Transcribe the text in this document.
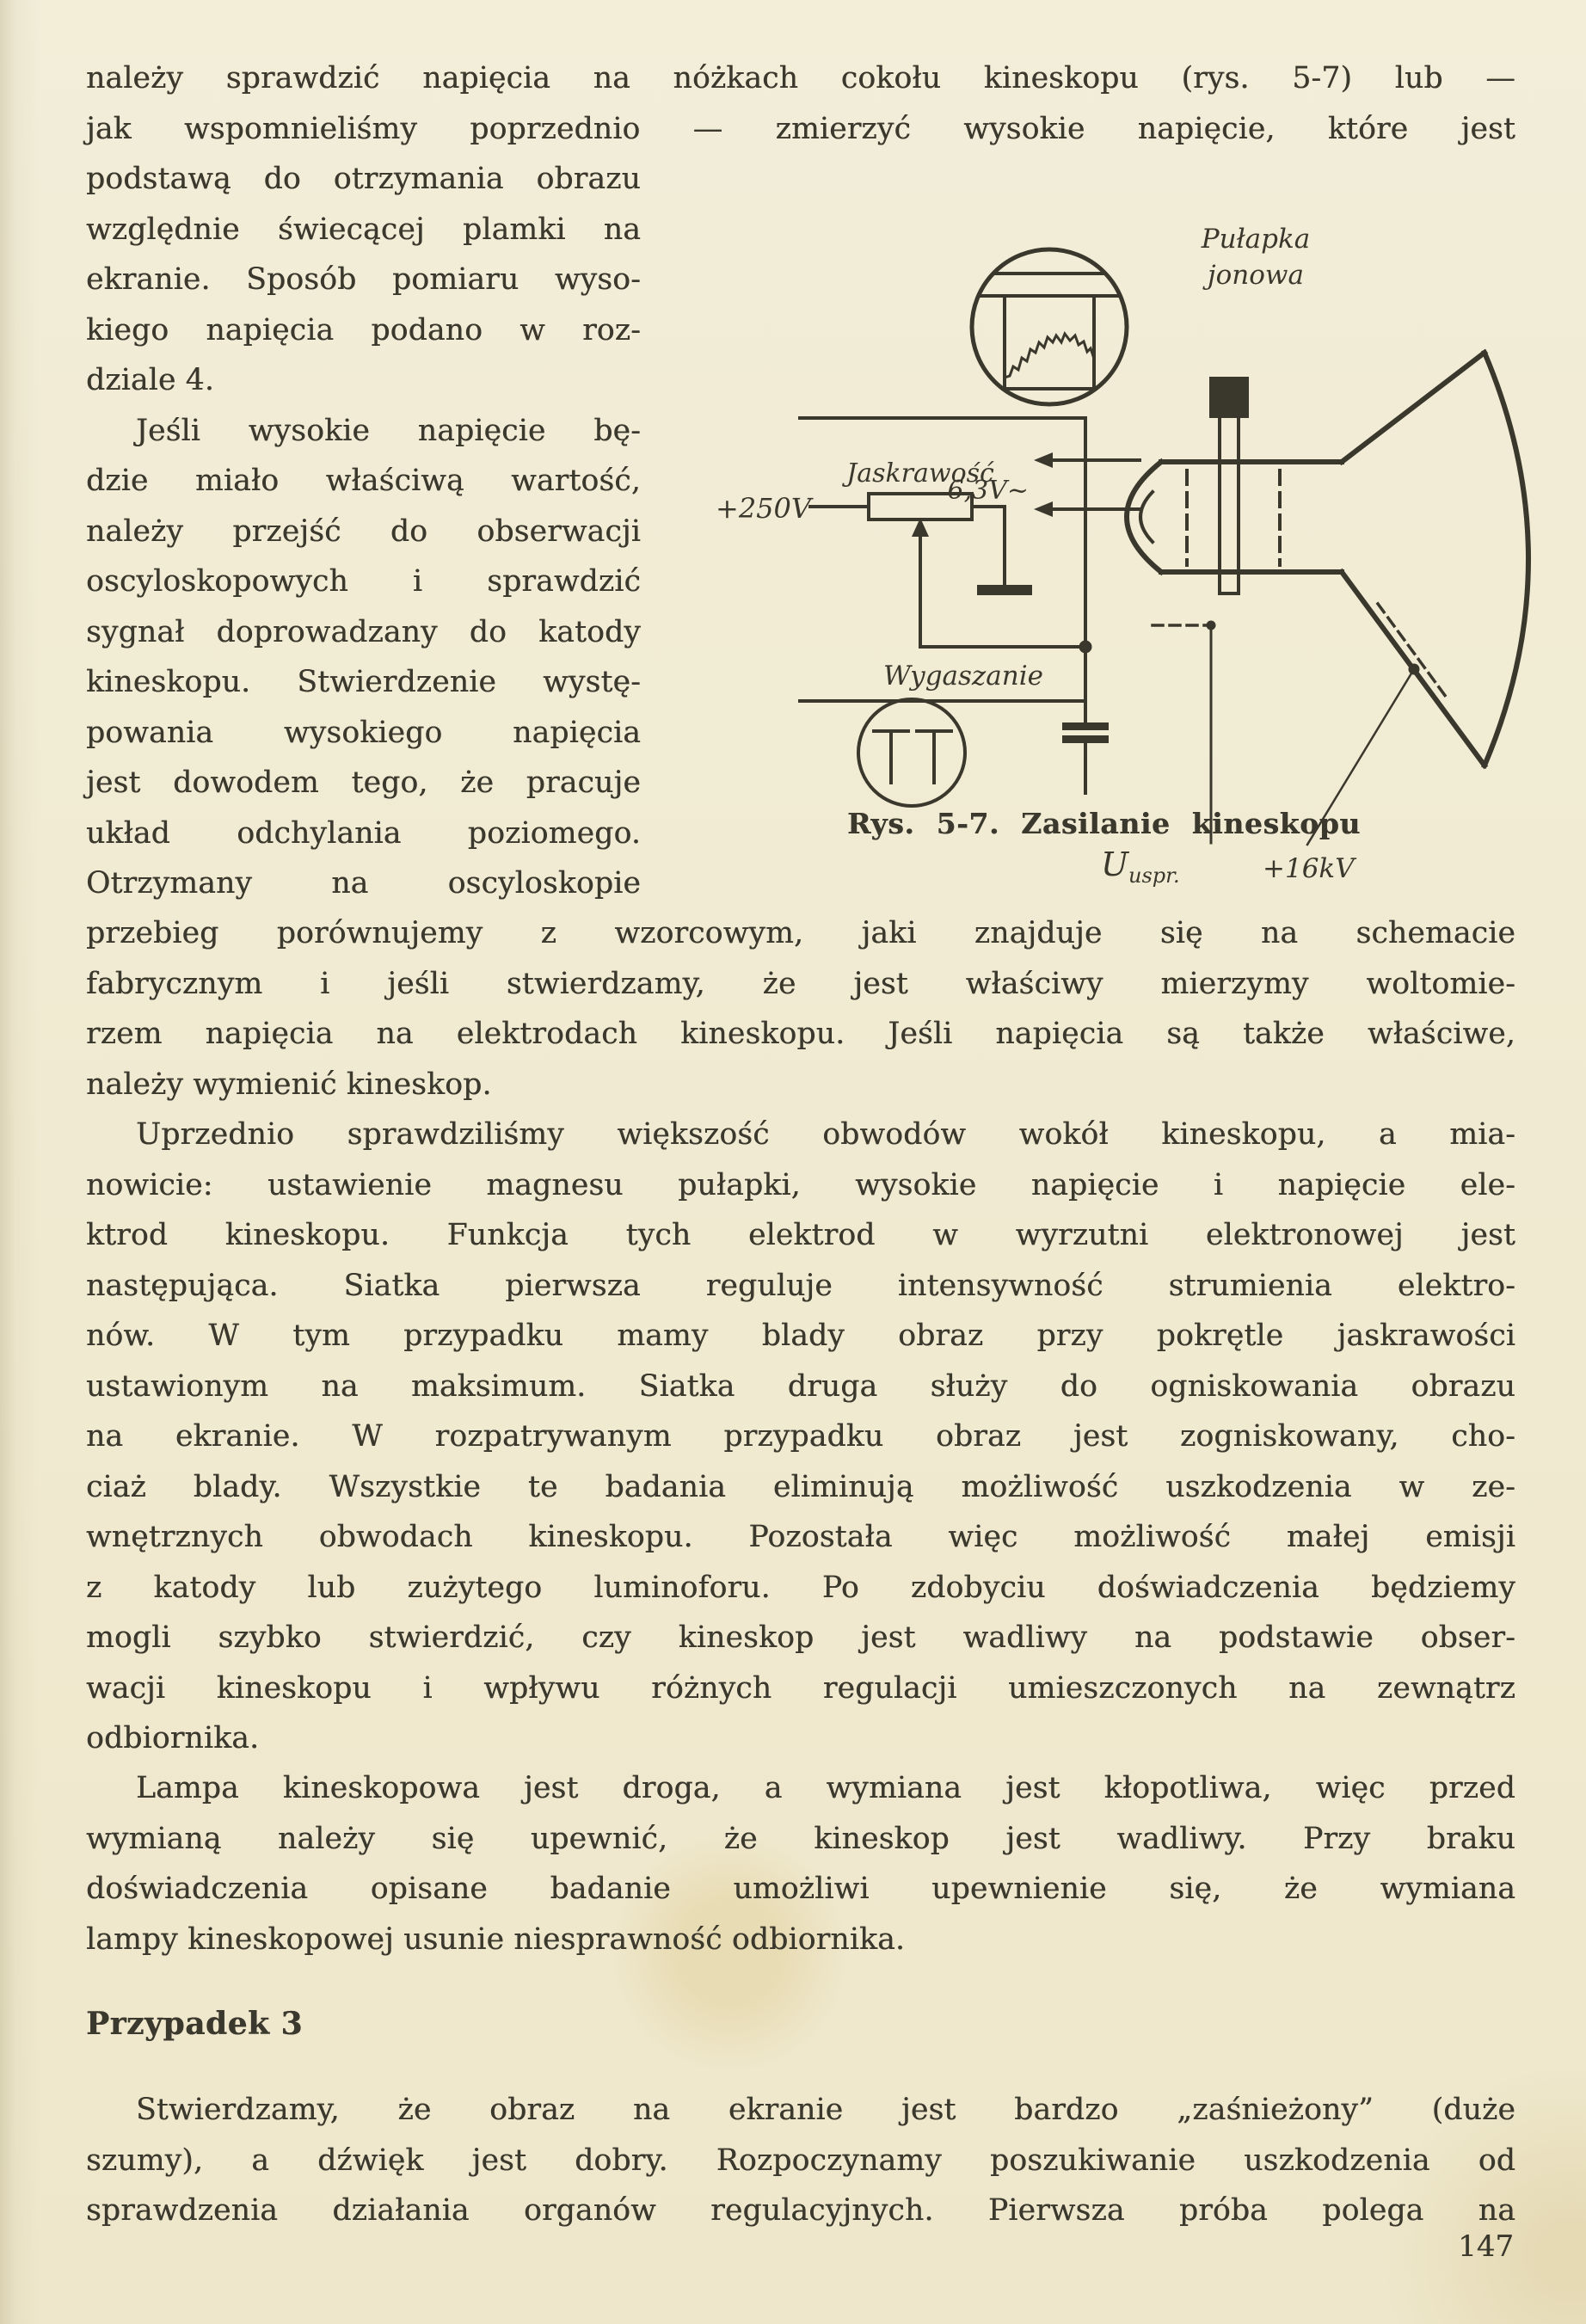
należy sprawdzić napięcia na nóżkach cokołu kineskopu (rys. 5-7) lub —
jak wspomnieliśmy poprzednio — zmierzyć wysokie napięcie, które jest
podstawą do otrzymania obrazu
względnie świecącej plamki na
ekranie. Sposób pomiaru wyso-
kiego napięcia podano w roz-
dziale 4.
Jeśli wysokie napięcie bę-
dzie miało właściwą wartość,
należy przejść do obserwacji
oscyloskopowych i sprawdzić
sygnał doprowadzany do katody
kineskopu. Stwierdzenie wystę-
powania wysokiego napięcia
jest dowodem tego, że pracuje
układ odchylania poziomego.
Otrzymany na oscyloskopie
przebieg porównujemy z wzorcowym, jaki znajduje się na schemacie
fabrycznym i jeśli stwierdzamy, że jest właściwy mierzymy woltomie-
rzem napięcia na elektrodach kineskopu. Jeśli napięcia są także właściwe,
należy wymienić kineskop.
Uprzednio sprawdziliśmy większość obwodów wokół kineskopu, a mia-
nowicie: ustawienie magnesu pułapki, wysokie napięcie i napięcie ele-
ktrod kineskopu. Funkcja tych elektrod w wyrzutni elektronowej jest
następująca. Siatka pierwsza reguluje intensywność strumienia elektro-
nów. W tym przypadku mamy blady obraz przy pokrętle jaskrawości
ustawionym na maksimum. Siatka druga służy do ogniskowania obrazu
na ekranie. W rozpatrywanym przypadku obraz jest zogniskowany, cho-
ciaż blady. Wszystkie te badania eliminują możliwość uszkodzenia w ze-
wnętrznych obwodach kineskopu. Pozostała więc możliwość małej emisji
z katody lub zużytego luminoforu. Po zdobyciu doświadczenia będziemy
mogli szybko stwierdzić, czy kineskop jest wadliwy na podstawie obser-
wacji kineskopu i wpływu różnych regulacji umieszczonych na zewnątrz
odbiornika.
Lampa kineskopowa jest droga, a wymiana jest kłopotliwa, więc przed
wymianą należy się upewnić, że kineskop jest wadliwy. Przy braku
doświadczenia opisane badanie umożliwi upewnienie się, że wymiana
lampy kineskopowej usunie niesprawność odbiornika.
Przypadek 3
Stwierdzamy, że obraz na ekranie jest bardzo „zaśnieżony” (duże
szumy), a dźwięk jest dobry. Rozpoczynamy poszukiwanie uszkodzenia od
sprawdzenia działania organów regulacyjnych. Pierwsza próba polega na
147
Pułapka
jonowa
Jaskrawość
+250V
6,3V~
Wygaszanie
$U_{uspr.}$	+16kV
Rys. 5-7. Zasilanie kineskopu
